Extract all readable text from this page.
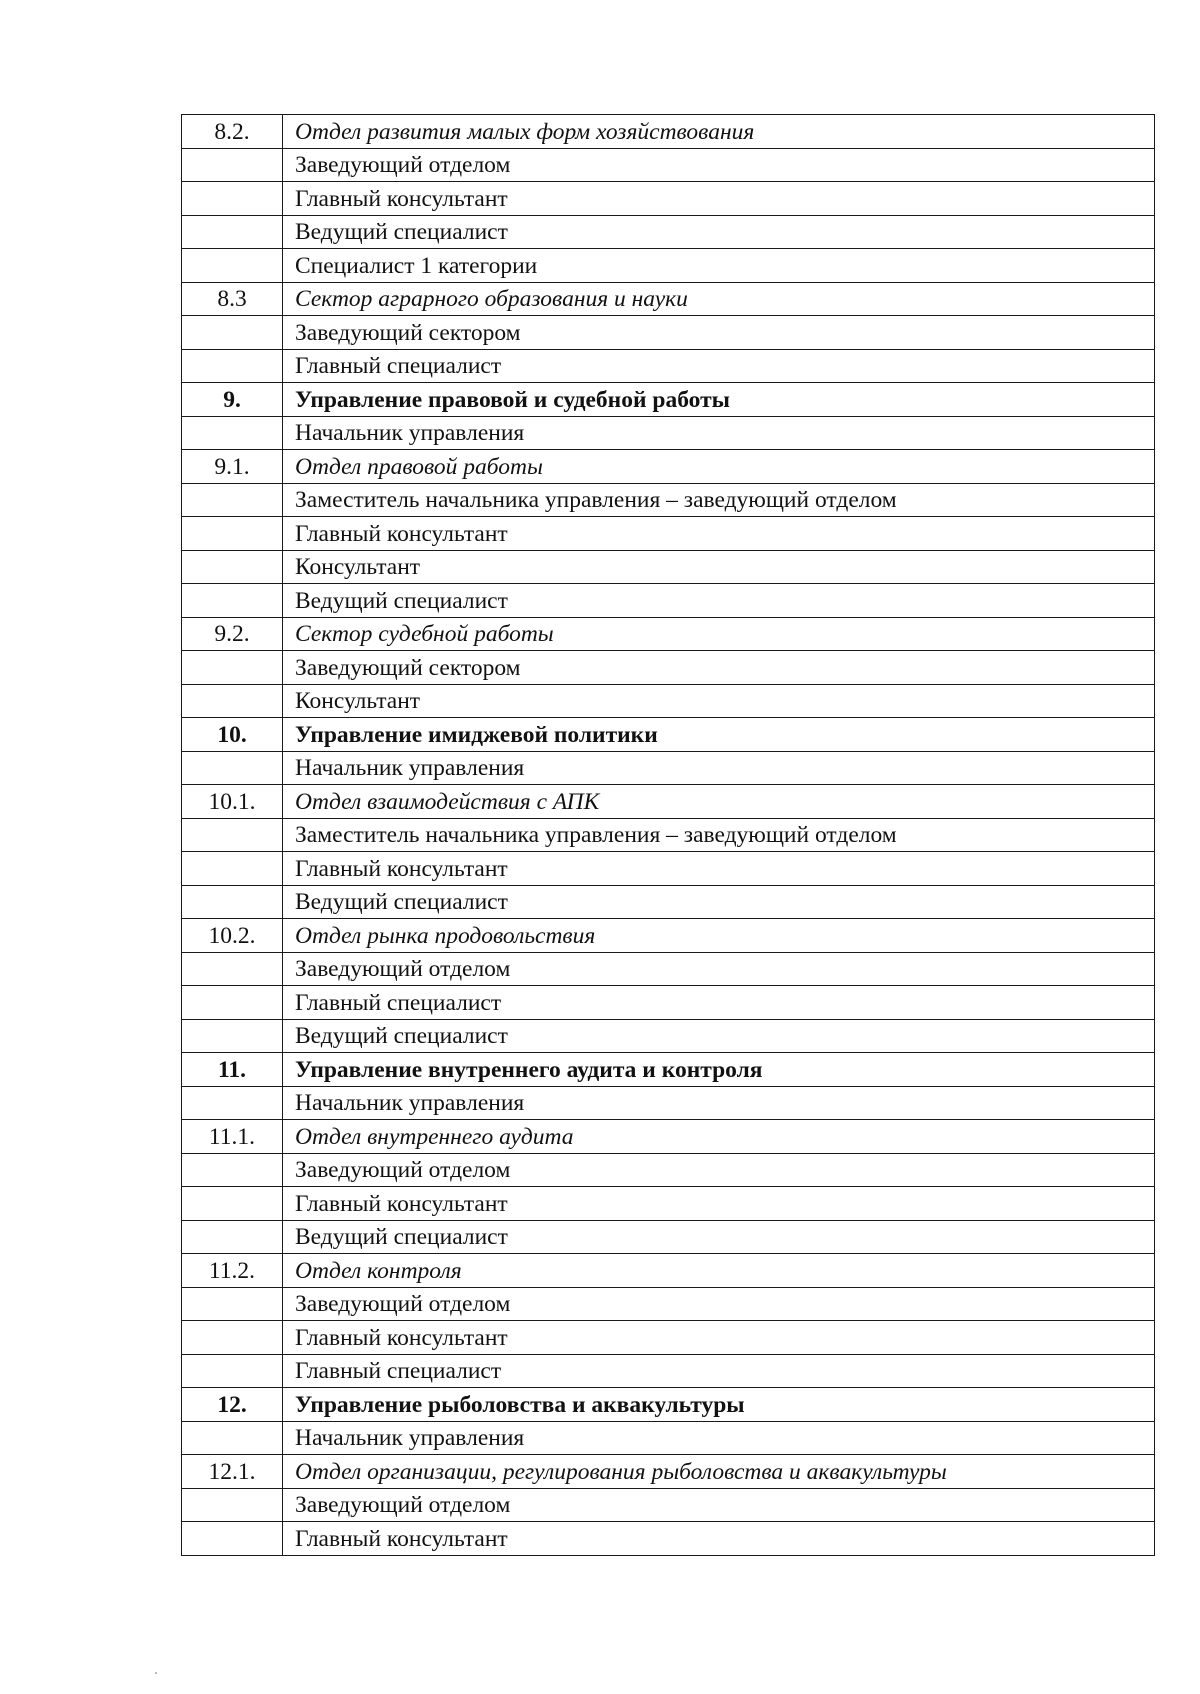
8.2.	Отдел развития малых форм хозяйствования
	Заведующий отделом
	Главный консультант
	Ведущий специалист
	Специалист 1 категории
8.3	Сектор аграрного образования и науки
	Заведующий сектором
	Главный специалист
9.	Управление правовой и судебной работы
	Начальник управления
9.1.	Отдел правовой работы
	Заместитель начальника управления – заведующий отделом
	Главный консультант
	Консультант
	Ведущий специалист
9.2.	Сектор судебной работы
	Заведующий сектором
	Консультант
10.	Управление имиджевой политики
	Начальник управления
10.1.	Отдел взаимодействия с АПК
	Заместитель начальника управления – заведующий отделом
	Главный консультант
	Ведущий специалист
10.2.	Отдел рынка продовольствия
	Заведующий отделом
	Главный специалист
	Ведущий специалист
11.	Управление внутреннего аудита и контроля
	Начальник управления
11.1.	Отдел внутреннего аудита
	Заведующий отделом
	Главный консультант
	Ведущий специалист
11.2.	Отдел контроля
	Заведующий отделом
	Главный консультант
	Главный специалист
12.	Управление рыболовства и аквакультуры
	Начальник управления
12.1.	Отдел организации, регулирования рыболовства и аквакультуры
	Заведующий отделом
	Главный консультант
